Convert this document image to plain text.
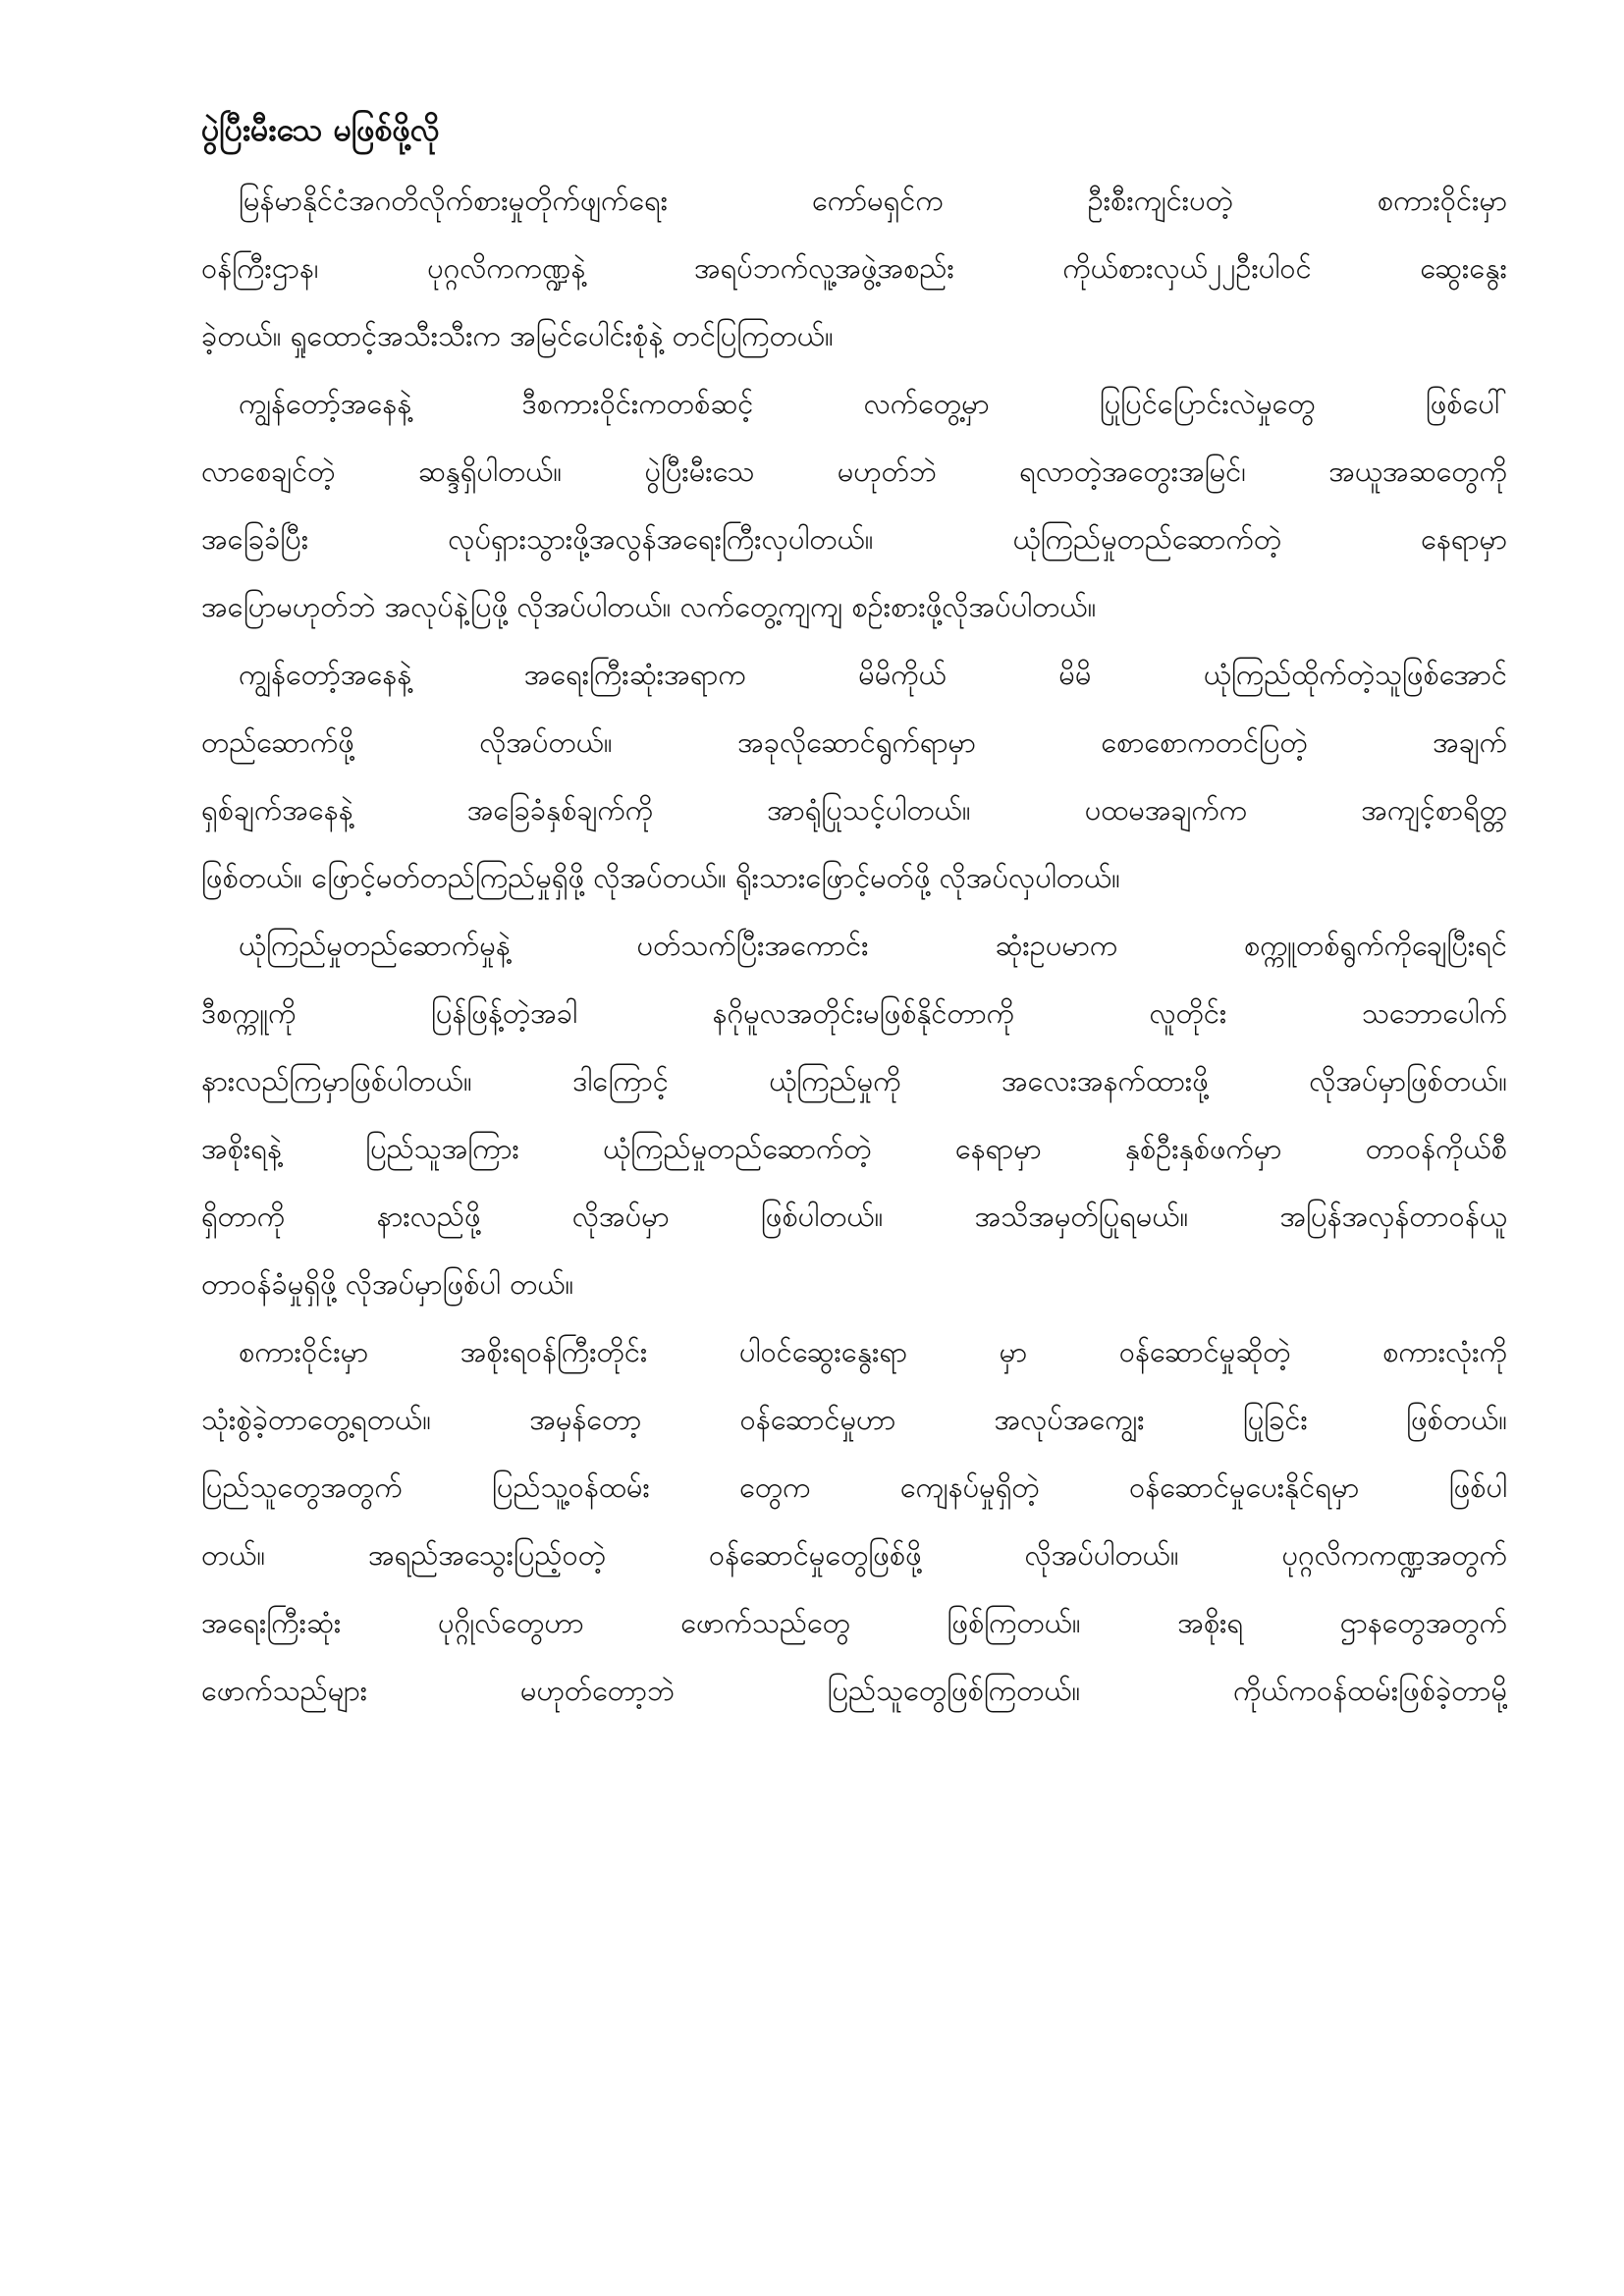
ပွဲပြီးမီးသေ မဖြစ်ဖို့လို
မြန်မာနိုင်ငံအဂတိလိုက်စားမှုတိုက်ဖျက်ရေး ကော်မရှင်က ဦးစီးကျင်းပတဲ့ စကားဝိုင်းမှာ
ဝန်ကြီးဌာန၊ ပုဂ္ဂလိကကဏ္ဍနဲ့ အရပ်ဘက်လူ့အဖွဲ့အစည်း ကိုယ်စားလှယ်၂၂ဦးပါဝင် ဆွေးနွေး
ခဲ့တယ်။ ရှုထောင့်အသီးသီးက အမြင်ပေါင်းစုံနဲ့ တင်ပြကြတယ်။
ကျွန်တော့်အနေနဲ့ ဒီစကားဝိုင်းကတစ်ဆင့် လက်တွေ့မှာ ပြုပြင်ပြောင်းလဲမှုတွေ ဖြစ်ပေါ်
လာစေချင်တဲ့ ဆန္ဒရှိပါတယ်။ ပွဲပြီးမီးသေ မဟုတ်ဘဲ ရလာတဲ့အတွေးအမြင်၊ အယူအဆတွေကို
အခြေခံပြီး လုပ်ရှားသွားဖို့အလွန်အရေးကြီးလှပါတယ်။ ယုံကြည်မှုတည်ဆောက်တဲ့ နေရာမှာ
အပြောမဟုတ်ဘဲ အလုပ်နဲ့ပြဖို့ လိုအပ်ပါတယ်။ လက်တွေ့ကျကျ စဉ်းစားဖို့လိုအပ်ပါတယ်။
ကျွန်တော့်အနေနဲ့ အရေးကြီးဆုံးအရာက မိမိကိုယ် မိမိ ယုံကြည်ထိုက်တဲ့သူဖြစ်အောင်
တည်ဆောက်ဖို့ လိုအပ်တယ်။ အခုလိုဆောင်ရွက်ရာမှာ စောစောကတင်ပြတဲ့ အချက်
ရှစ်ချက်အနေနဲ့ အခြေခံနှစ်ချက်ကို အာရုံပြုသင့်ပါတယ်။ ပထမအချက်က အကျင့်စာရိတ္တ
ဖြစ်တယ်။ ဖြောင့်မတ်တည်ကြည်မှုရှိဖို့ လိုအပ်တယ်။ ရိုးသားဖြောင့်မတ်ဖို့ လိုအပ်လှပါတယ်။
ယုံကြည်မှုတည်ဆောက်မှုနဲ့ ပတ်သက်ပြီးအကောင်း ဆုံးဥပမာက စက္ကူတစ်ရွက်ကိုချေပြီးရင်
ဒီစက္ကူကို ပြန်ဖြန့်တဲ့အခါ နဂိုမူလအတိုင်းမဖြစ်နိုင်တာကို လူတိုင်း သဘောပေါက်
နားလည်ကြမှာဖြစ်ပါတယ်။ ဒါကြောင့် ယုံကြည်မှုကို အလေးအနက်ထားဖို့ လိုအပ်မှာဖြစ်တယ်။
အစိုးရနဲ့ ပြည်သူအကြား ယုံကြည်မှုတည်ဆောက်တဲ့ နေရာမှာ နှစ်ဦးနှစ်ဖက်မှာ တာဝန်ကိုယ်စီ
ရှိတာကို နားလည်ဖို့ လိုအပ်မှာ ဖြစ်ပါတယ်။ အသိအမှတ်ပြုရမယ်။ အပြန်အလှန်တာဝန်ယူ
တာဝန်ခံမှုရှိဖို့ လိုအပ်မှာဖြစ်ပါ တယ်။
စကားဝိုင်းမှာ အစိုးရဝန်ကြီးတိုင်း ပါဝင်ဆွေးနွေးရာ မှာ ဝန်ဆောင်မှုဆိုတဲ့ စကားလုံးကို
သုံးစွဲခဲ့တာတွေ့ရတယ်။ အမှန်တော့ ဝန်ဆောင်မှုဟာ အလုပ်အကျွေး ပြုခြင်း ဖြစ်တယ်။
ပြည်သူတွေအတွက် ပြည်သူ့ဝန်ထမ်း တွေက ကျေနပ်မှုရှိတဲ့ ဝန်ဆောင်မှုပေးနိုင်ရမှာ ဖြစ်ပါ
တယ်။ အရည်အသွေးပြည့်ဝတဲ့ ဝန်ဆောင်မှုတွေဖြစ်ဖို့ လိုအပ်ပါတယ်။ ပုဂ္ဂလိကကဏ္ဍအတွက်
အရေးကြီးဆုံး ပုဂ္ဂိုလ်တွေဟာ ဖောက်သည်တွေ ဖြစ်ကြတယ်။ အစိုးရ ဌာနတွေအတွက်
ဖောက်သည်များ မဟုတ်တော့ဘဲ ပြည်သူတွေဖြစ်ကြတယ်။ ကိုယ်ကဝန်ထမ်းဖြစ်ခဲ့တာမို့
